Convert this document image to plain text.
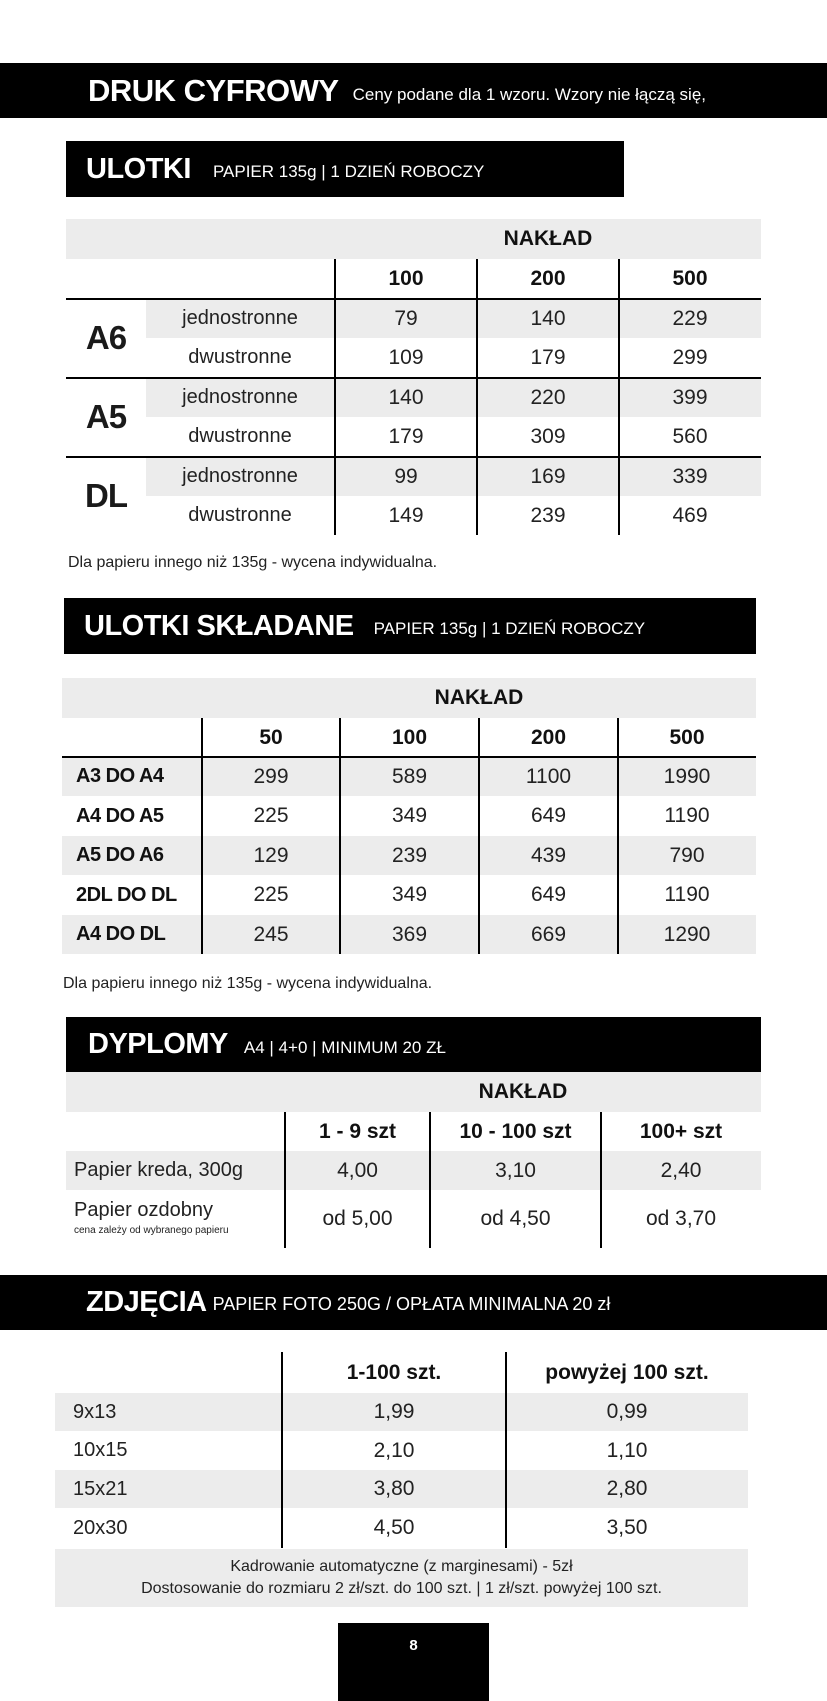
DRUK CYFROWY Ceny podane dla 1 wzoru. Wzory nie łączą się,
ULOTKI PAPIER 135g | 1 DZIEŃ ROBOCZY
NAKŁAD
100	200	500
A6
jednostronne	79	140	229
dwustronne	109	179	299
A5
jednostronne	140	220	399
dwustronne	179	309	560
DL
jednostronne	99	169	339
dwustronne	149	239	469
Dla papieru innego niż 135g - wycena indywidualna.
ULOTKI SKŁADANE PAPIER 135g | 1 DZIEŃ ROBOCZY
NAKŁAD
50	100	200	500
A3 DO A4	299	589	1100	1990
A4 DO A5	225	349	649	1190
A5 DO A6	129	239	439	790
2DL DO DL	225	349	649	1190
A4 DO DL	245	369	669	1290
Dla papieru innego niż 135g - wycena indywidualna.
DYPLOMY A4 | 4+0 | MINIMUM 20 ZŁ
NAKŁAD
1 - 9 szt	10 - 100 szt	100+ szt
Papier kreda, 300g	4,00	3,10	2,40
Papier ozdobny
cena zależy od wybranego papieru
od 5,00	od 4,50	od 3,70
ZDJĘCIA PAPIER FOTO 250G / OPŁATA MINIMALNA 20 zł
1-100 szt.	powyżej 100 szt.
9x13	1,99	0,99
10x15	2,10	1,10
15x21	3,80	2,80
20x30	4,50	3,50
Kadrowanie automatyczne (z marginesami) - 5zł
Dostosowanie do rozmiaru 2 zł/szt. do 100 szt. | 1 zł/szt. powyżej 100 szt.
8
